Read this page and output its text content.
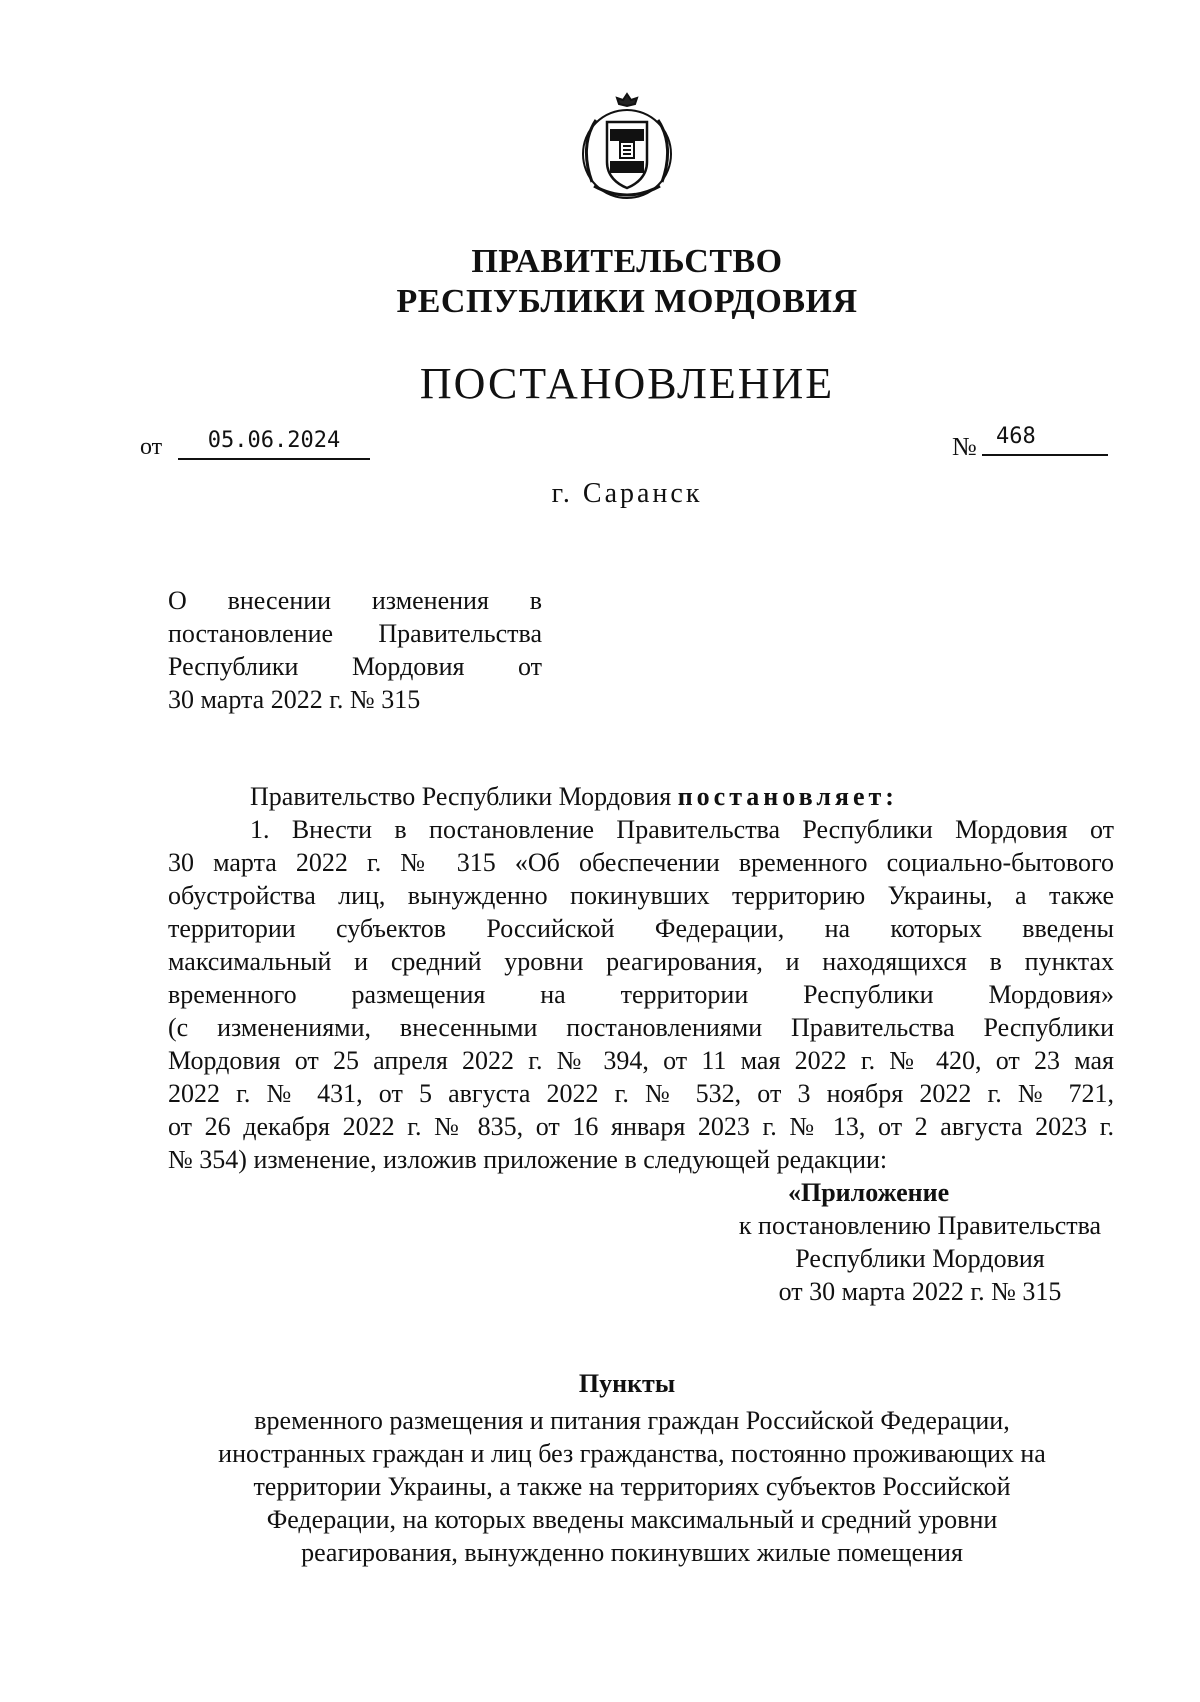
ПРАВИТЕЛЬСТВО
РЕСПУБЛИКИ МОРДОВИЯ
ПОСТАНОВЛЕНИЕ
от	05.06.2024	№ 468
г. Саранск
О внесении изменения в
постановление Правительства
Республики Мордовия от
30 марта 2022 г. № 315
Правительство Республики Мордовия постановляет:
1. Внести в постановление Правительства Республики Мордовия от
30 марта 2022 г. № 315 «Об обеспечении временного социально-бытового
обустройства лиц, вынужденно покинувших территорию Украины, а также
территории субъектов Российской Федерации, на которых введены
максимальный и средний уровни реагирования, и находящихся в пунктах
временного размещения на территории Республики Мордовия»
(с изменениями, внесенными постановлениями Правительства Республики
Мордовия от 25 апреля 2022 г. № 394, от 11 мая 2022 г. № 420, от 23 мая
2022 г. № 431, от 5 августа 2022 г. № 532, от 3 ноября 2022 г. № 721,
от 26 декабря 2022 г. № 835, от 16 января 2023 г. № 13, от 2 августа 2023 г.
№ 354) изменение, изложив приложение в следующей редакции:
«Приложение
к постановлению Правительства
Республики Мордовия
от 30 марта 2022 г. № 315
Пункты
временного размещения и питания граждан Российской Федерации,
иностранных граждан и лиц без гражданства, постоянно проживающих на
территории Украины, а также на территориях субъектов Российской
Федерации, на которых введены максимальный и средний уровни
реагирования, вынужденно покинувших жилые помещения
